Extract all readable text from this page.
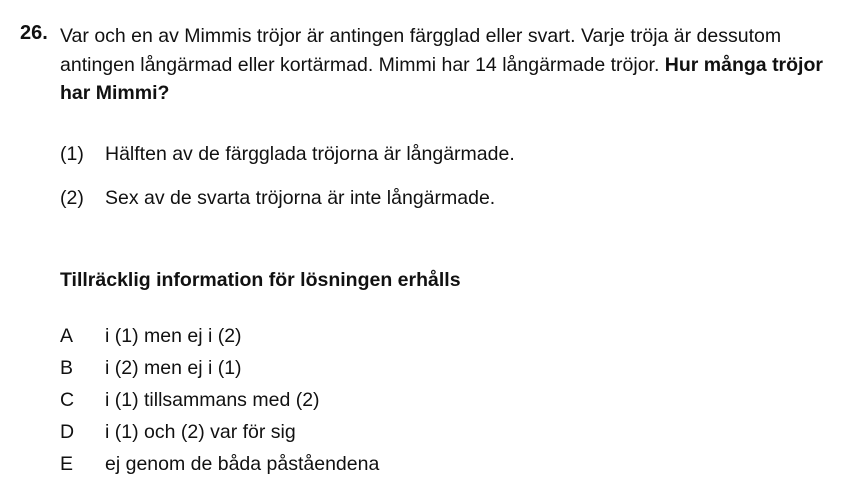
26. Var och en av Mimmis tröjor är antingen färgglad eller svart. Varje tröja är dessutom antingen långärmad eller kortärmad. Mimmi har 14 långärmade tröjor. Hur många tröjor har Mimmi?
(1) Hälften av de färgglada tröjorna är långärmade.
(2) Sex av de svarta tröjorna är inte långärmade.
Tillräcklig information för lösningen erhålls
A i (1) men ej i (2)
B i (2) men ej i (1)
C i (1) tillsammans med (2)
D i (1) och (2) var för sig
E ej genom de båda påståendena
